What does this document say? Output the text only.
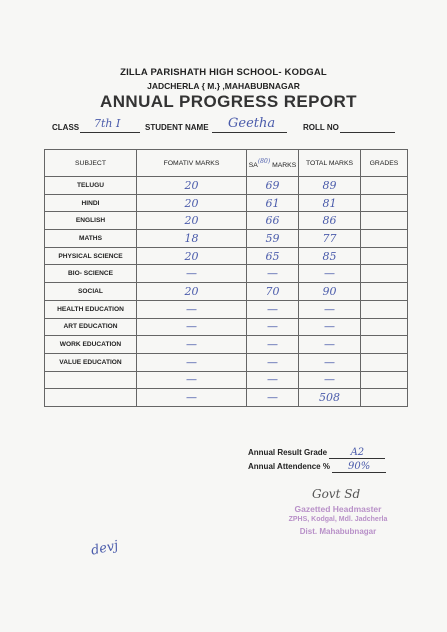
ZILLA PARISHATH HIGH SCHOOL- KODGAL
JADCHERLA { M.} ,MAHABUBNAGAR
ANNUAL PROGRESS REPORT
CLASS 7th I	STUDENT NAME Geetha	ROLL NO
SUBJECT	FOMATIV MARKS	SA(80) MARKS	TOTAL MARKS	GRADES
TELUGU	20	69	89	
HINDI	20	61	81	
ENGLISH	20	66	86	
MATHS	18	59	77	
PHYSICAL SCIENCE	20	65	85	
BIO- SCIENCE	—	—	—	
SOCIAL	20	70	90	
HEALTH EDUCATION	—	—	—	
ART EDUCATION	—	—	—	
WORK EDUCATION	—	—	—	
VALUE EDUCATION	—	—	—	
	—	—	—	
	—	—	508	
Annual Result Grade A2
Annual Attendence % 90%
Govt Sd
Gazetted Headmaster
ZPHS, Kodgal, Mdl. Jadcherla
Dist. Mahabubnagar
devj
